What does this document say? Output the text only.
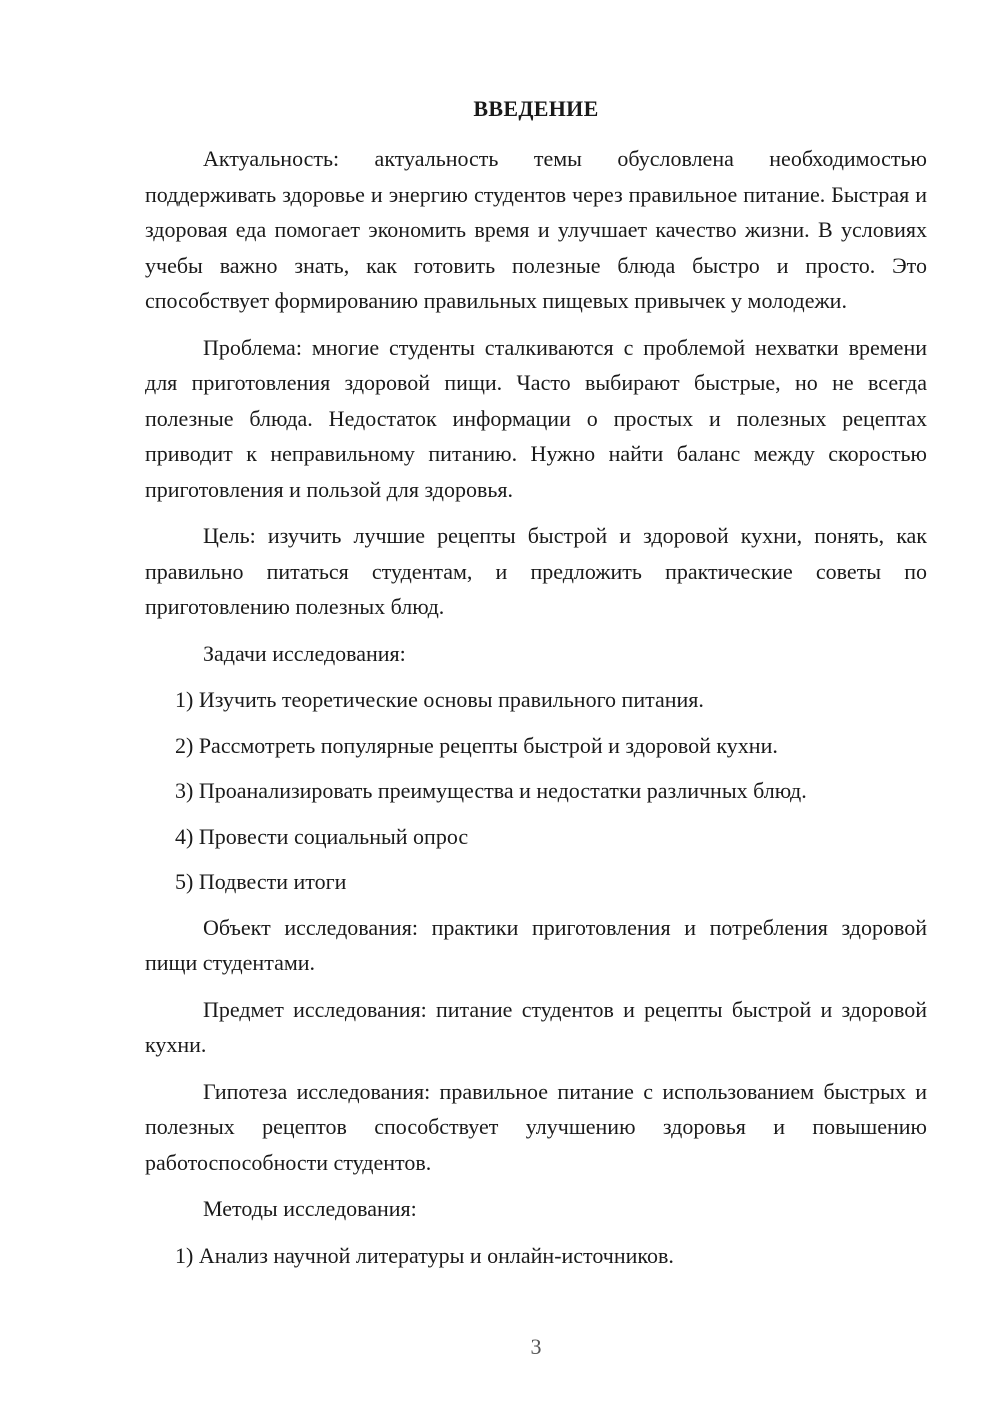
ВВЕДЕНИЕ

Актуальность: актуальность темы обусловлена необходимостью поддерживать здоровье и энергию студентов через правильное питание. Быстрая и здоровая еда помогает экономить время и улучшает качество жизни. В условиях учебы важно знать, как готовить полезные блюда быстро и просто. Это способствует формированию правильных пищевых привычек у молодежи.

Проблема: многие студенты сталкиваются с проблемой нехватки времени для приготовления здоровой пищи. Часто выбирают быстрые, но не всегда полезные блюда. Недостаток информации о простых и полезных рецептах приводит к неправильному питанию. Нужно найти баланс между скоростью приготовления и пользой для здоровья.

Цель: изучить лучшие рецепты быстрой и здоровой кухни, понять, как правильно питаться студентам, и предложить практические советы по приготовлению полезных блюд.

Задачи исследования:

1) Изучить теоретические основы правильного питания.
2) Рассмотреть популярные рецепты быстрой и здоровой кухни.
3) Проанализировать преимущества и недостатки различных блюд.
4) Провести социальный опрос
5) Подвести итоги

Объект исследования: практики приготовления и потребления здоровой пищи студентами.

Предмет исследования: питание студентов и рецепты быстрой и здоровой кухни.

Гипотеза исследования: правильное питание с использованием быстрых и полезных рецептов способствует улучшению здоровья и повышению работоспособности студентов.

Методы исследования:

1) Анализ научной литературы и онлайн-источников.
3
